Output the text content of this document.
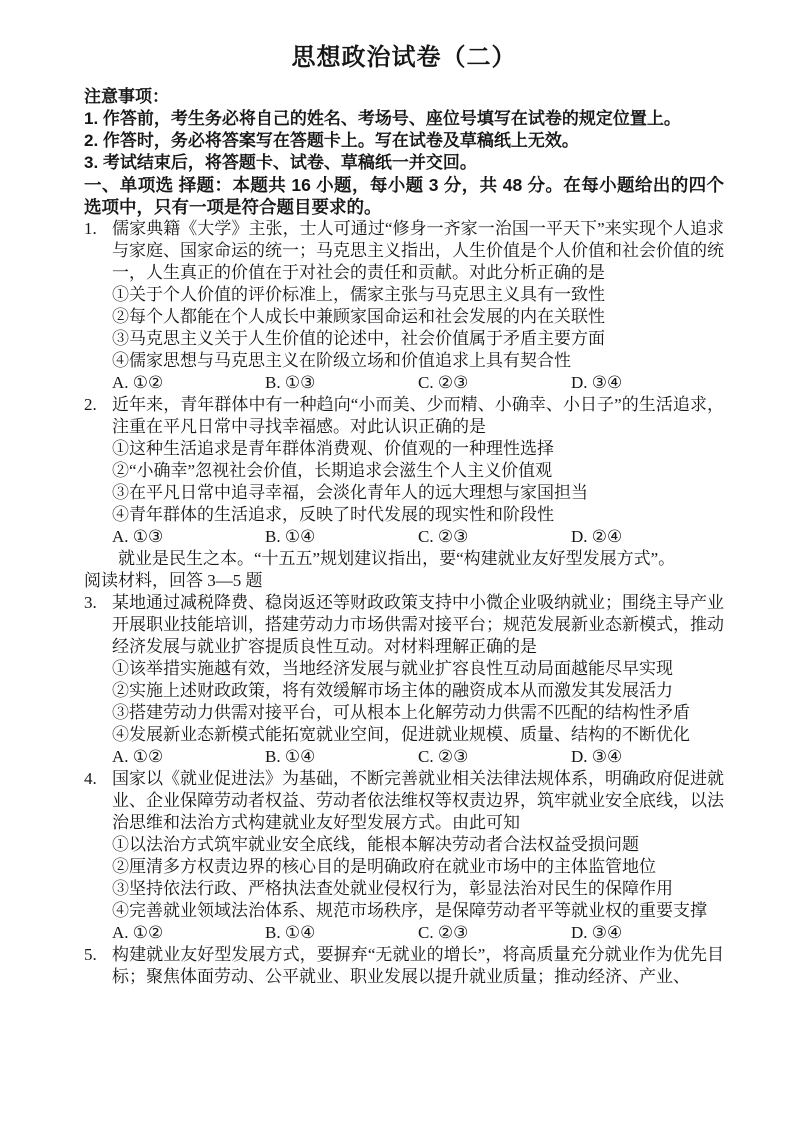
思想政治试卷（二）
注意事项：
1. 作答前，考生务必将自己的姓名、考场号、座位号填写在试卷的规定位置上。
2. 作答时，务必将答案写在答题卡上。写在试卷及草稿纸上无效。
3. 考试结束后，将答题卡、试卷、草稿纸一并交回。
一、单项选 择题：本题共 16 小题，每小题 3 分，共 48 分。在每小题给出的四个选项中，只有一项是符合题目要求的。
1. 儒家典籍《大学》主张，士人可通过“修身一齐家一治国一平天下”来实现个人追求与家庭、国家命运的统一；马克思主义指出，人生价值是个人价值和社会价值的统一，人生真正的价值在于对社会的责任和贡献。对此分析正确的是
①关于个人价值的评价标准上，儒家主张与马克思主义具有一致性
②每个人都能在个人成长中兼顾家国命运和社会发展的内在关联性
③马克思主义关于人生价值的论述中，社会价值属于矛盾主要方面
④儒家思想与马克思主义在阶级立场和价值追求上具有契合性
A. ①②	B. ①③	C. ②③	D. ③④
2. 近年来，青年群体中有一种趋向“小而美、少而精、小确幸、小日子”的生活追求，注重在平凡日常中寻找幸福感。对此认识正确的是
①这种生活追求是青年群体消费观、价值观的一种理性选择
②“小确幸”忽视社会价值，长期追求会滋生个人主义价值观
③在平凡日常中追寻幸福，会淡化青年人的远大理想与家国担当
④青年群体的生活追求，反映了时代发展的现实性和阶段性
A. ①③	B. ①④	C. ②③	D. ②④
就业是民生之本。“十五五”规划建议指出，要“构建就业友好型发展方式”。
阅读材料，回答 3—5 题
3. 某地通过减税降费、稳岗返还等财政政策支持中小微企业吸纳就业；围绕主导产业开展职业技能培训，搭建劳动力市场供需对接平台；规范发展新业态新模式，推动经济发展与就业扩容提质良性互动。对材料理解正确的是
①该举措实施越有效，当地经济发展与就业扩容良性互动局面越能尽早实现
②实施上述财政政策，将有效缓解市场主体的融资成本从而激发其发展活力
③搭建劳动力供需对接平台，可从根本上化解劳动力供需不匹配的结构性矛盾
④发展新业态新模式能拓宽就业空间，促进就业规模、质量、结构的不断优化
A. ①②	B. ①④	C. ②③	D. ③④
4. 国家以《就业促进法》为基础，不断完善就业相关法律法规体系，明确政府促进就业、企业保障劳动者权益、劳动者依法维权等权责边界，筑牢就业安全底线，以法治思维和法治方式构建就业友好型发展方式。由此可知
①以法治方式筑牢就业安全底线，能根本解决劳动者合法权益受损问题
②厘清多方权责边界的核心目的是明确政府在就业市场中的主体监管地位
③坚持依法行政、严格执法查处就业侵权行为，彰显法治对民生的保障作用
④完善就业领域法治体系、规范市场秩序，是保障劳动者平等就业权的重要支撑
A. ①②	B. ①④	C. ②③	D. ③④
5. 构建就业友好型发展方式，要摒弃“无就业的增长”，将高质量充分就业作为优先目标；聚焦体面劳动、公平就业、职业发展以提升就业质量；推动经济、产业、
